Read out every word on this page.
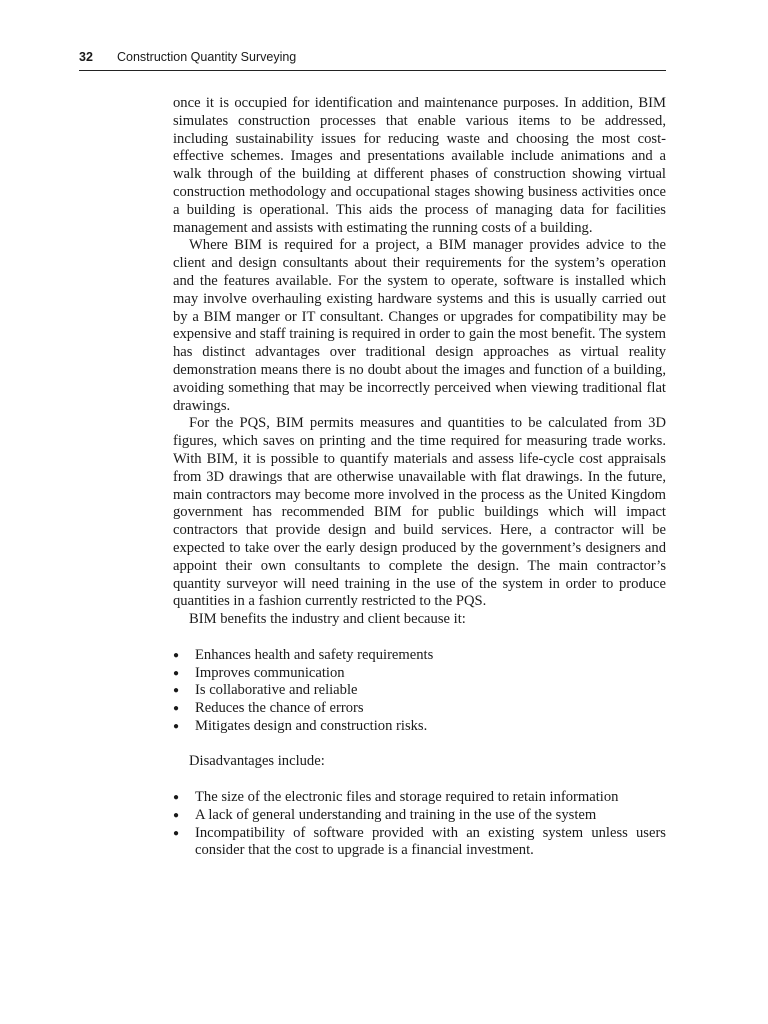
32 Construction Quantity Surveying

once it is occupied for identification and maintenance purposes. In addition, BIM simulates construction processes that enable various items to be addressed, including sustainability issues for reducing waste and choosing the most cost-effective schemes. Images and presentations available include animations and a walk through of the building at different phases of construction showing virtual construction methodology and occupational stages showing business activities once a building is operational. This aids the process of managing data for facilities management and assists with estimating the running costs of a building.

Where BIM is required for a project, a BIM manager provides advice to the client and design consultants about their requirements for the system’s operation and the features available. For the system to operate, software is installed which may involve overhauling existing hardware systems and this is usually carried out by a BIM manger or IT consultant. Changes or upgrades for compatibility may be expensive and staff training is required in order to gain the most benefit. The system has distinct advantages over traditional design approaches as virtual reality demonstration means there is no doubt about the images and function of a building, avoiding something that may be incorrectly perceived when viewing traditional flat drawings.

For the PQS, BIM permits measures and quantities to be calculated from 3D figures, which saves on printing and the time required for measuring trade works. With BIM, it is possible to quantify materials and assess life-cycle cost appraisals from 3D drawings that are otherwise unavailable with flat drawings. In the future, main contractors may become more involved in the process as the United Kingdom government has recommended BIM for public buildings which will impact contractors that provide design and build services. Here, a contractor will be expected to take over the early design produced by the government’s designers and appoint their own consultants to complete the design. The main contractor’s quantity surveyor will need training in the use of the system in order to produce quantities in a fashion currently restricted to the PQS.

BIM benefits the industry and client because it:

●	Enhances health and safety requirements
●	Improves communication
●	Is collaborative and reliable
●	Reduces the chance of errors
●	Mitigates design and construction risks.

Disadvantages include:

●	The size of the electronic files and storage required to retain information
●	A lack of general understanding and training in the use of the system
●	Incompatibility of software provided with an existing system unless users consider that the cost to upgrade is a financial investment.
